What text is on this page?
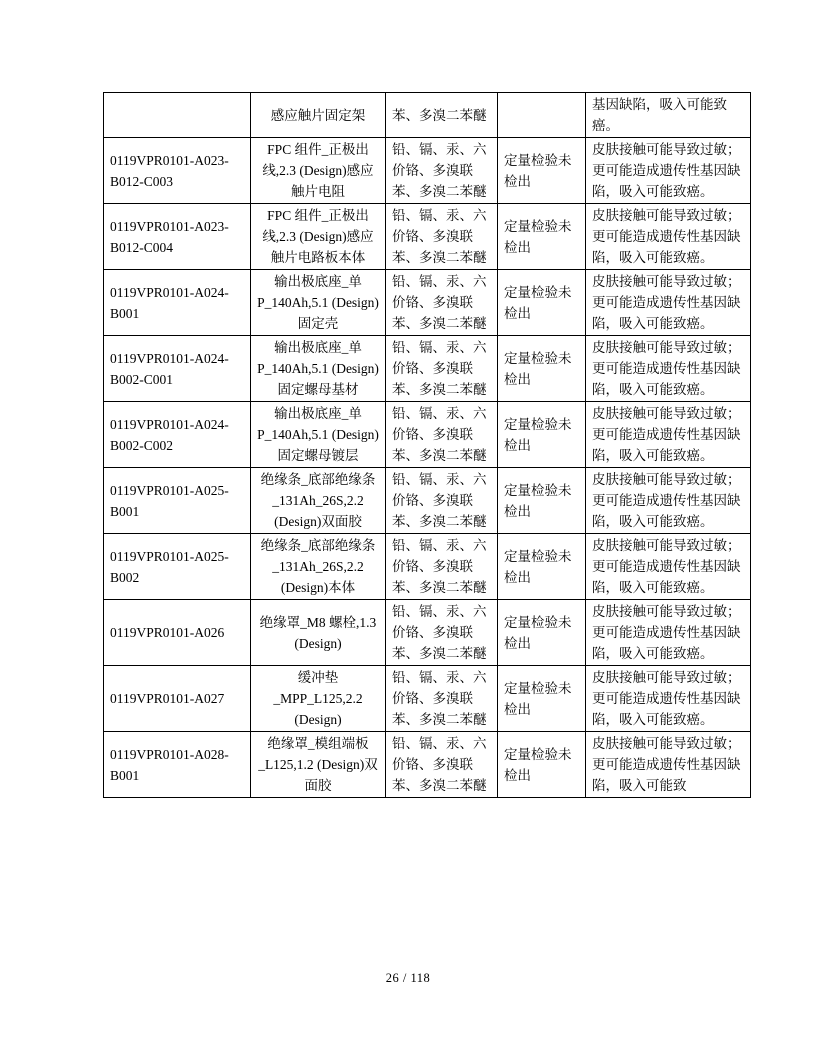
	感应触片固定架	苯、多溴二苯醚		基因缺陷，吸入可能致癌。
0119VPR0101-A023-B012-C003	FPC 组件_正极出线,2.3 (Design)感应触片电阻	铅、镉、汞、六价铬、多溴联苯、多溴二苯醚	定量检验未检出	皮肤接触可能导致过敏；更可能造成遗传性基因缺陷，吸入可能致癌。
0119VPR0101-A023-B012-C004	FPC 组件_正极出线,2.3 (Design)感应触片电路板本体	铅、镉、汞、六价铬、多溴联苯、多溴二苯醚	定量检验未检出	皮肤接触可能导致过敏；更可能造成遗传性基因缺陷，吸入可能致癌。
0119VPR0101-A024-B001	输出极底座_单P_140Ah,5.1 (Design)固定壳	铅、镉、汞、六价铬、多溴联苯、多溴二苯醚	定量检验未检出	皮肤接触可能导致过敏；更可能造成遗传性基因缺陷，吸入可能致癌。
0119VPR0101-A024-B002-C001	输出极底座_单P_140Ah,5.1 (Design) 固定螺母基材	铅、镉、汞、六价铬、多溴联苯、多溴二苯醚	定量检验未检出	皮肤接触可能导致过敏；更可能造成遗传性基因缺陷，吸入可能致癌。
0119VPR0101-A024-B002-C002	输出极底座_单P_140Ah,5.1 (Design) 固定螺母镀层	铅、镉、汞、六价铬、多溴联苯、多溴二苯醚	定量检验未检出	皮肤接触可能导致过敏；更可能造成遗传性基因缺陷，吸入可能致癌。
0119VPR0101-A025-B001	绝缘条_底部绝缘条_131Ah_26S,2.2 (Design)双面胶	铅、镉、汞、六价铬、多溴联苯、多溴二苯醚	定量检验未检出	皮肤接触可能导致过敏；更可能造成遗传性基因缺陷，吸入可能致癌。
0119VPR0101-A025-B002	绝缘条_底部绝缘条_131Ah_26S,2.2 (Design)本体	铅、镉、汞、六价铬、多溴联苯、多溴二苯醚	定量检验未检出	皮肤接触可能导致过敏；更可能造成遗传性基因缺陷，吸入可能致癌。
0119VPR0101-A026	绝缘罩_M8 螺栓,1.3 (Design)	铅、镉、汞、六价铬、多溴联苯、多溴二苯醚	定量检验未检出	皮肤接触可能导致过敏；更可能造成遗传性基因缺陷，吸入可能致癌。
0119VPR0101-A027	缓冲垫_MPP_L125,2.2 (Design)	铅、镉、汞、六价铬、多溴联苯、多溴二苯醚	定量检验未检出	皮肤接触可能导致过敏；更可能造成遗传性基因缺陷，吸入可能致癌。
0119VPR0101-A028-B001	绝缘罩_模组端板_L125,1.2 (Design)双面胶	铅、镉、汞、六价铬、多溴联苯、多溴二苯醚	定量检验未检出	皮肤接触可能导致过敏；更可能造成遗传性基因缺陷，吸入可能致
26 / 118
